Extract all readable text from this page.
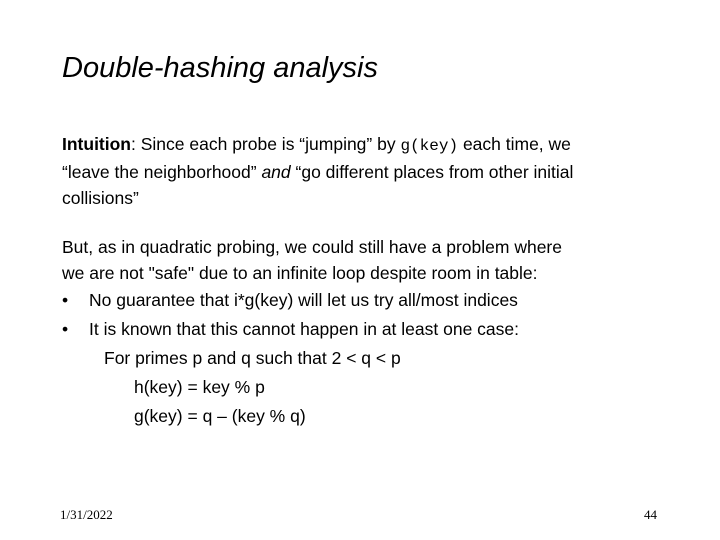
Double-hashing analysis
Intuition: Since each probe is “jumping” by g(key) each time, we
“leave the neighborhood” and “go different places from other initial
collisions”
But, as in quadratic probing, we could still have a problem where
we are not "safe" due to an infinite loop despite room in table:
• No guarantee that i*g(key) will let us try all/most indices
• It is known that this cannot happen in at least one case:
For primes p and q such that 2 < q < p
h(key) = key % p
g(key) = q – (key % q)
1/31/2022	44
